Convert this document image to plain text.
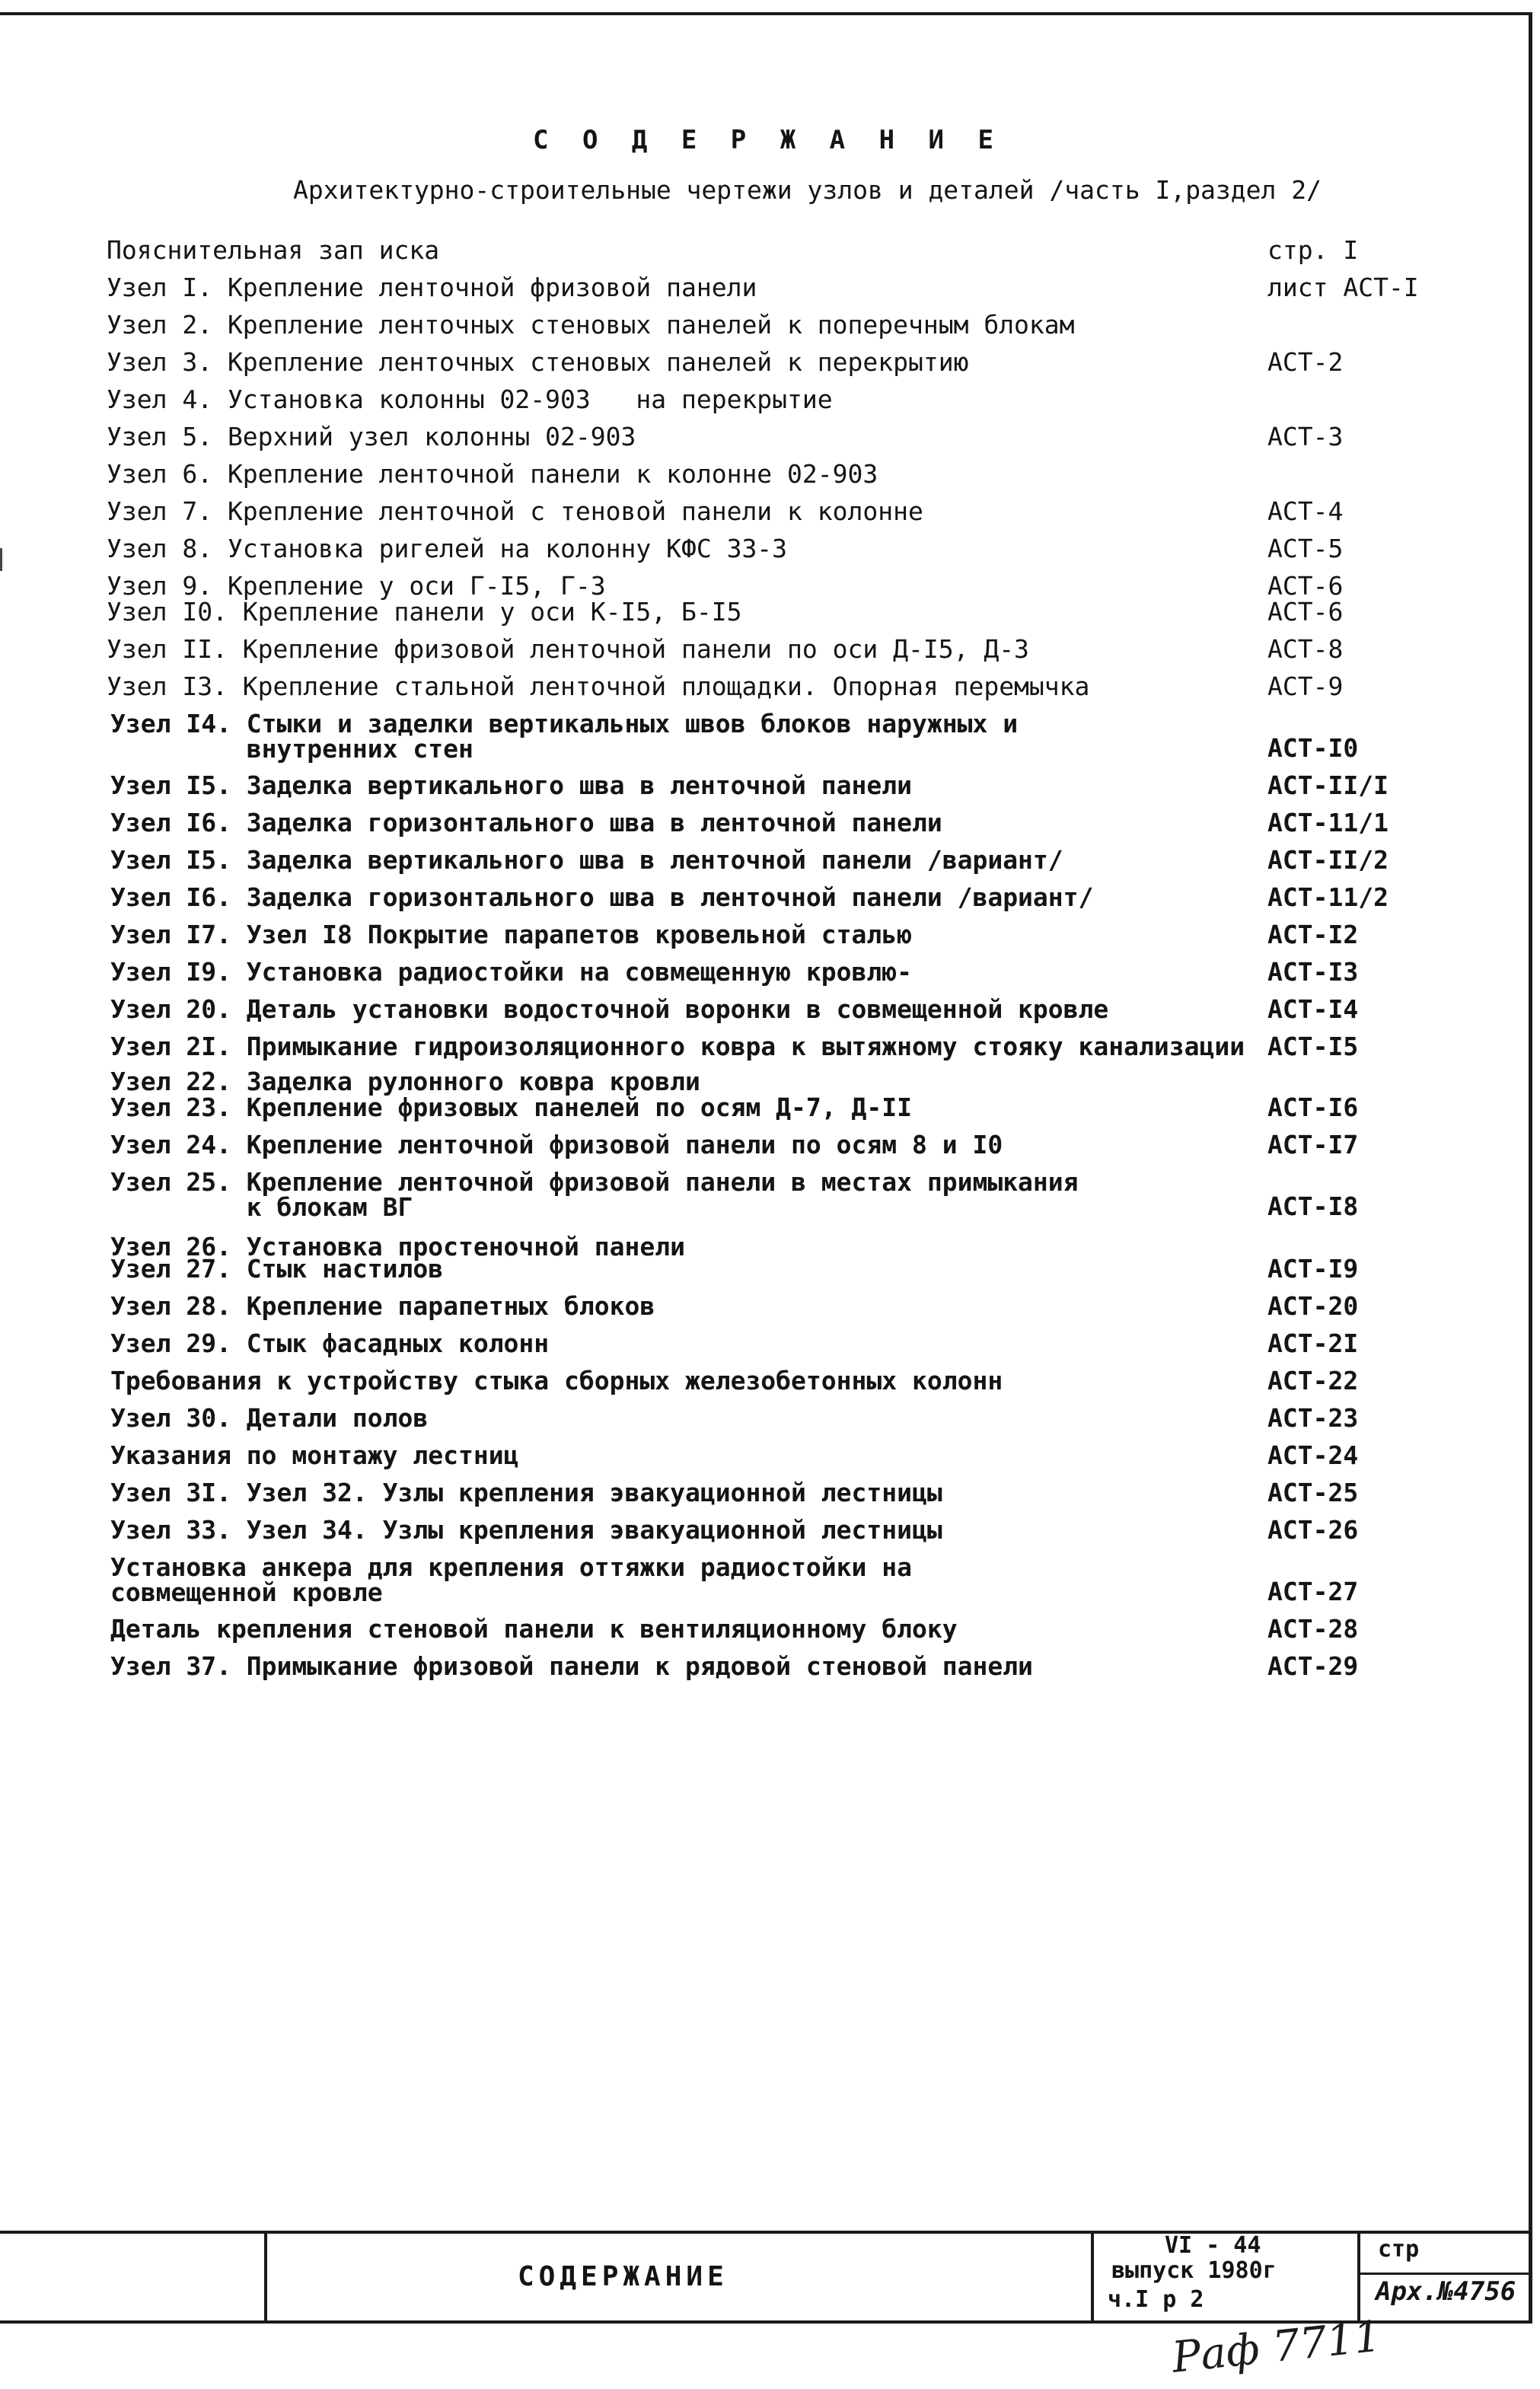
С О Д Е Р Ж А Н И Е
Архитектурно-строительные чертежи узлов и деталей /часть I,раздел 2/
Пояснительная зап иска	стр. I
Узел I. Крепление ленточной фризовой панели	лист АСТ-I
Узел 2. Крепление ленточных стеновых панелей к поперечным блокам
Узел 3. Крепление ленточных стеновых панелей к перекрытию	АСТ-2
Узел 4. Установка колонны 02-903   на перекрытие
Узел 5. Верхний узел колонны 02-903	АСТ-3
Узел 6. Крепление ленточной панели к колонне 02-903
Узел 7. Крепление ленточной с теновой панели к колонне	АСТ-4
Узел 8. Установка ригелей на колонну КФС 33-3	АСТ-5
Узел 9. Крепление у оси Г-I5, Г-3	АСТ-6
Узел I0. Крепление панели у оси К-I5, Б-I5	АСТ-6
Узел II. Крепление фризовой ленточной панели по оси Д-I5, Д-3	АСТ-8
Узел I3. Крепление стальной ленточной площадки. Опорная перемычка	АСТ-9
Узел I4. Стыки и заделки вертикальных швов блоков наружных и
внутренних стен	АСТ-I0
Узел I5. Заделка вертикального шва в ленточной панели	АСТ-II/I
Узел I6. Заделка горизонтального шва в ленточной панели	АСТ-11/1
Узел I5. Заделка вертикального шва в ленточной панели /вариант/	АСТ-II/2
Узел I6. Заделка горизонтального шва в ленточной панели /вариант/	АСТ-11/2
Узел I7. Узел I8 Покрытие парапетов кровельной сталью	АСТ-I2
Узел I9. Установка радиостойки на совмещенную кровлю-	АСТ-I3
Узел 20. Деталь установки водосточной воронки в совмещенной кровле	АСТ-I4
Узел 2I. Примыкание гидроизоляционного ковра к вытяжному стояку канализации АСТ-I5
Узел 22. Заделка рулонного ковра кровли
Узел 23. Крепление фризовых панелей по осям Д-7, Д-II	АСТ-I6
Узел 24. Крепление ленточной фризовой панели по осям 8 и I0	АСТ-I7
Узел 25. Крепление ленточной фризовой панели в местах примыкания
к блокам ВГ	АСТ-I8
Узел 26. Установка простеночной панели
Узел 27. Стык настилов	АСТ-I9
Узел 28. Крепление парапетных блоков	АСТ-20
Узел 29. Стык фасадных колонн	АСТ-2I
Требования к устройству стыка сборных железобетонных колонн	АСТ-22
Узел 30. Детали полов	АСТ-23
Указания по монтажу лестниц	АСТ-24
Узел 3I. Узел 32. Узлы крепления эвакуационной лестницы	АСТ-25
Узел 33. Узел 34. Узлы крепления эвакуационной лестницы	АСТ-26
Установка анкера для крепления оттяжки радиостойки на
совмещенной кровле	АСТ-27
Деталь крепления стеновой панели к вентиляционному блоку	АСТ-28
Узел 37. Примыкание фризовой панели к рядовой стеновой панели	АСТ-29
СОДЕРЖАНИЕ
VI - 44
выпуск 1980г
ч.I р 2
стр
Арх.№4756
Раф 7711
